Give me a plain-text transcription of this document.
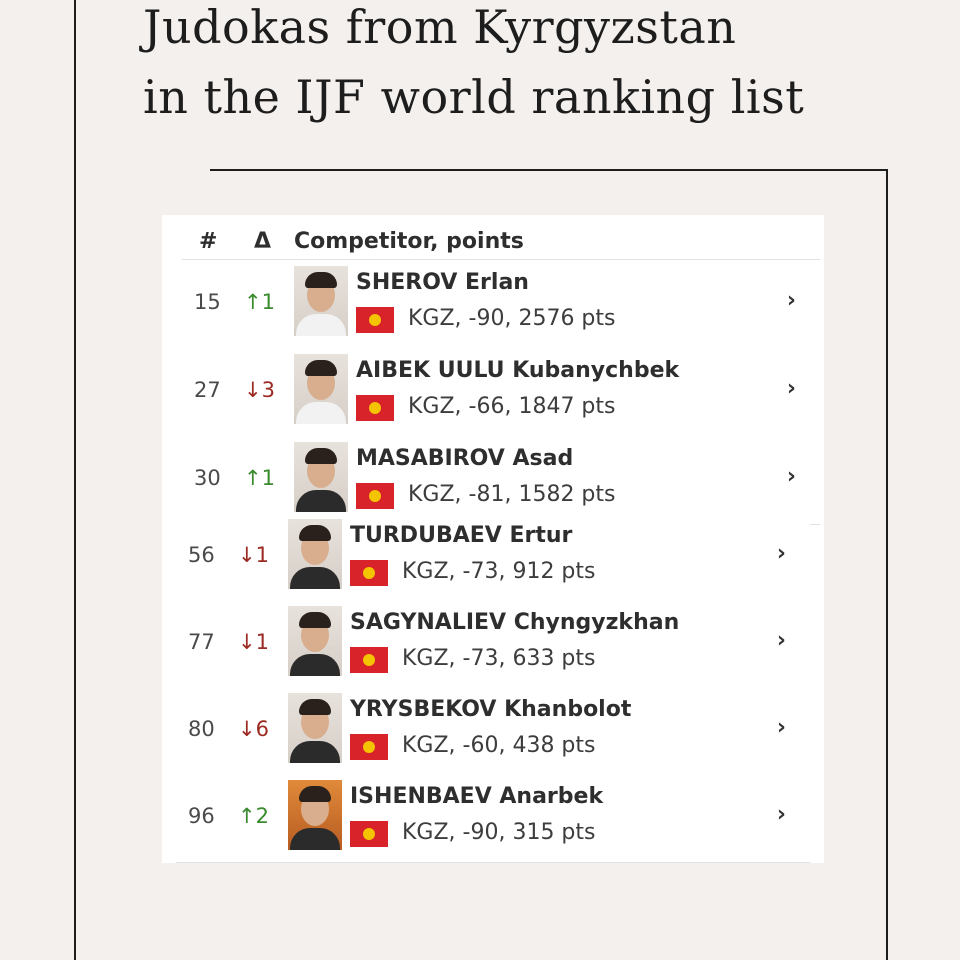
Judokas from Kyrgyzstan
in the IJF world ranking list
# Δ Competitor, points
15 ↑1
SHEROV Erlan
KGZ, -90, 2576 pts
›
27 ↓3
AIBEK UULU Kubanychbek
KGZ, -66, 1847 pts
›
30 ↑1
MASABIROV Asad
KGZ, -81, 1582 pts
›
56 ↓1
TURDUBAEV Ertur
KGZ, -73, 912 pts
›
77 ↓1
SAGYNALIEV Chyngyzkhan
KGZ, -73, 633 pts
›
80 ↓6
YRYSBEKOV Khanbolot
KGZ, -60, 438 pts
›
96 ↑2
ISHENBAEV Anarbek
KGZ, -90, 315 pts
›
